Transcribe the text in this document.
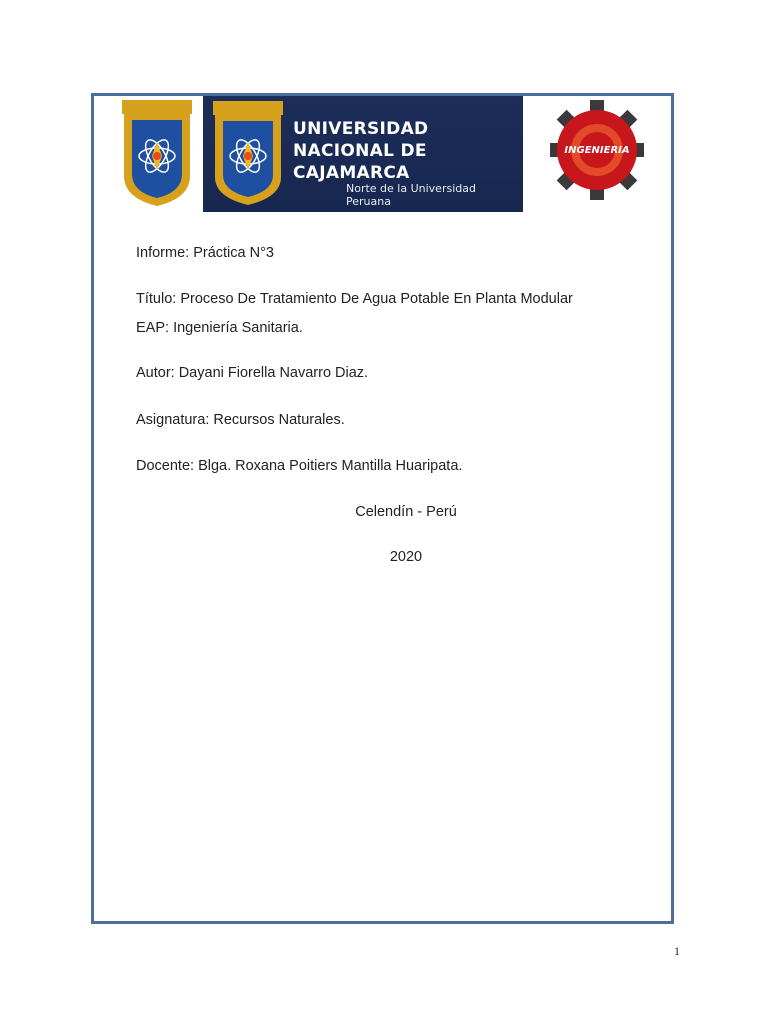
UNIVERSIDAD
NACIONAL DE
CAJAMARCA
Norte de la Universidad Peruana
INGENIERIA
Informe: Práctica N°3
Título: Proceso De Tratamiento De Agua Potable En Planta Modular
EAP: Ingeniería Sanitaria.
Autor: Dayani Fiorella Navarro Diaz.
Asignatura: Recursos Naturales.
Docente: Blga. Roxana Poitiers Mantilla Huaripata.
Celendín - Perú
2020
1
